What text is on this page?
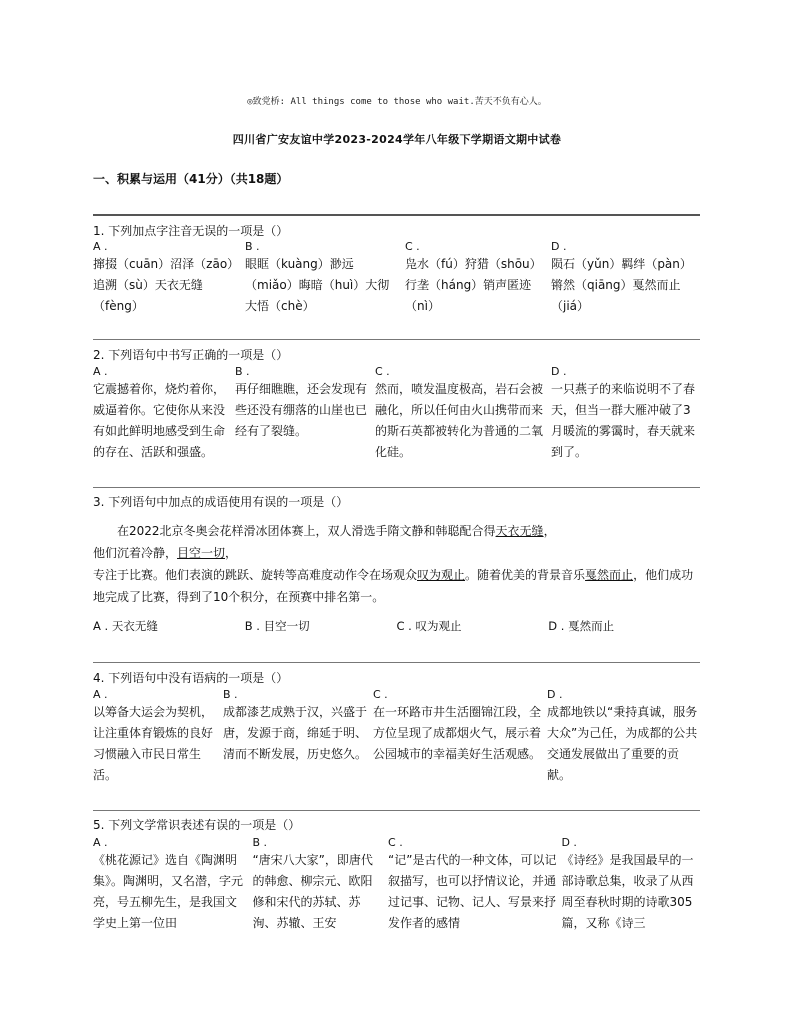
◎致党桥: All things come to those who wait.苦天不负有心人。
四川省广安友谊中学2023-2024学年八年级下学期语文期中试卷
一、积累与运用（41分）（共18题）
1. 下列加点字注音无误的一项是（）
A .
撺掇（cuān）沼泽（zāo）追溯（sù）天衣无缝（fèng）
B .
眼眶（kuàng）渺远（miǎo）晦暗（huì）大彻大悟（chè）
C .
凫水（fú）狩猎（shōu）行垄（háng）销声匿迹（nì）
D .
陨石（yǔn）羁绊（pàn）锵然（qiāng）戛然而止（jiá）
2. 下列语句中书写正确的一项是（）
A .
它震撼着你，烧灼着你，威逼着你。它使你从来没有如此鲜明地感受到生命的存在、活跃和强盛。
B .
再仔细瞧瞧，还会发现有些还没有绷落的山崖也已经有了裂缝。
C .
然而，喷发温度极高，岩石会被融化，所以任何由火山携带而来的斯石英都被转化为普通的二氧化硅。
D .
一只燕子的来临说明不了春天，但当一群大雁冲破了3月暖流的雾霭时，春天就来到了。
3. 下列语句中加点的成语使用有误的一项是（）

在2022北京冬奥会花样滑冰团体赛上，双人滑选手隋文静和韩聪配合得天衣无缝，

他们沉着冷静，目空一切，

专注于比赛。他们表演的跳跃、旋转等高难度动作令在场观众叹为观止。随着优美的背景音乐戛然而止，他们成功地完成了比赛，得到了10个积分，在预赛中排名第一。

A . 天衣无缝	B . 目空一切	C . 叹为观止	D . 戛然而止
4. 下列语句中没有语病的一项是（）
A .
以筹备大运会为契机，让注重体育锻炼的良好习惯融入市民日常生活。
B .
成都漆艺成熟于汉，兴盛于唐，发源于商，绵延于明、清而不断发展，历史悠久。
C .
在一环路市井生活圈锦江段，全方位呈现了成都烟火气，展示着公园城市的幸福美好生活观感。
D .
成都地铁以“秉持真诚，服务大众”为己任，为成都的公共交通发展做出了重要的贡献。
5. 下列文学常识表述有误的一项是（）
A .
《桃花源记》选自《陶渊明集》。陶渊明，又名潜，字元亮，号五柳先生，是我国文学史上第一位田
B .
“唐宋八大家”，即唐代的韩愈、柳宗元、欧阳修和宋代的苏轼、苏洵、苏辙、王安
C .
“记”是古代的一种文体，可以记叙描写，也可以抒情议论，并通过记事、记物、记人、写景来抒发作者的感情
D .
《诗经》是我国最早的一部诗歌总集，收录了从西周至春秋时期的诗歌305篇，又称《诗三
